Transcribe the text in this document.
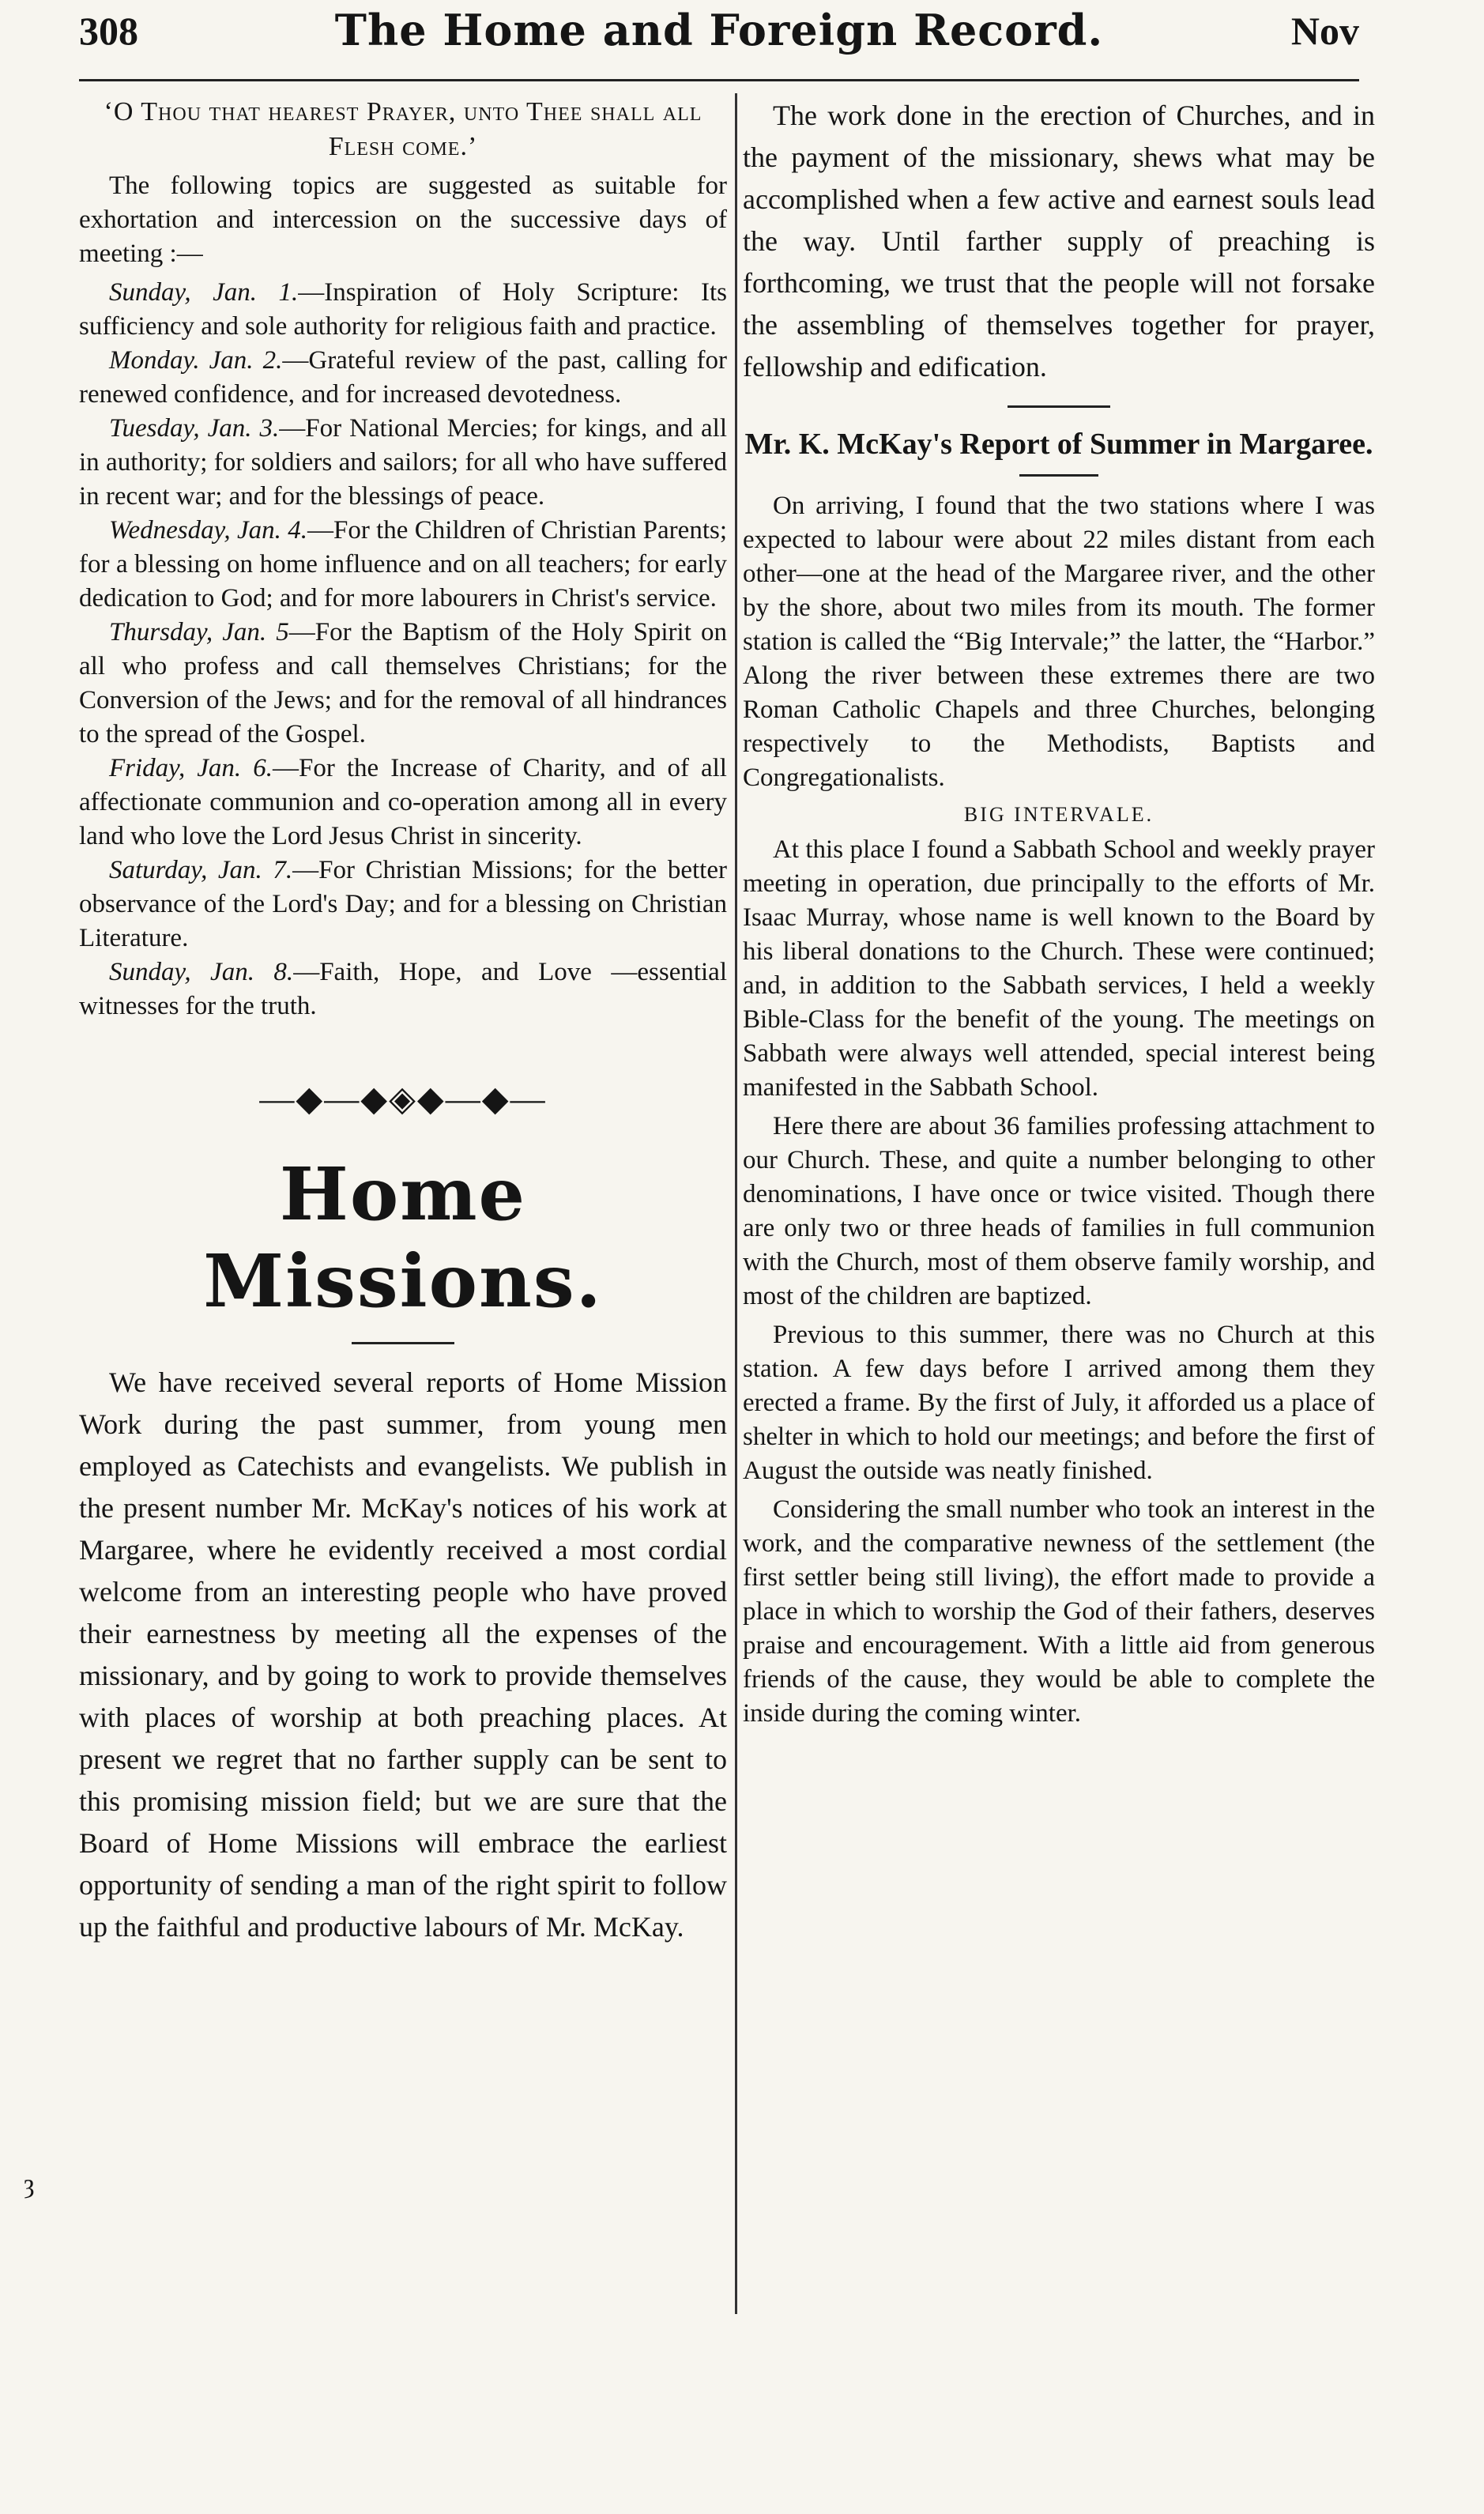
308	The Home and Foreign Record.	Nov

‘O Thou that hearest Prayer, unto Thee shall all Flesh come.’

The following topics are suggested as suitable for exhortation and intercession on the successive days of meeting :—

Sunday, Jan. 1.—Inspiration of Holy Scripture: Its sufficiency and sole authority for religious faith and practice.

Monday. Jan. 2.—Grateful review of the past, calling for renewed confidence, and for increased devotedness.

Tuesday, Jan. 3.—For National Mercies; for kings, and all in authority; for soldiers and sailors; for all who have suffered in recent war; and for the blessings of peace.

Wednesday, Jan. 4.—For the Children of Christian Parents; for a blessing on home influence and on all teachers; for early dedication to God; and for more labourers in Christ's service.

Thursday, Jan. 5—For the Baptism of the Holy Spirit on all who profess and call themselves Christians; for the Conversion of the Jews; and for the removal of all hindrances to the spread of the Gospel.

Friday, Jan. 6.—For the Increase of Charity, and of all affectionate communion and co-operation among all in every land who love the Lord Jesus Christ in sincerity.

Saturday, Jan. 7.—For Christian Missions; for the better observance of the Lord's Day; and for a blessing on Christian Literature.

Sunday, Jan. 8.—Faith, Hope, and Love —essential witnesses for the truth.

—◆—◆◈◆—◆—
Home Missions.

We have received several reports of Home Mission Work during the past summer, from young men employed as Catechists and evangelists. We publish in the present number Mr. McKay's notices of his work at Margaree, where he evidently received a most cordial welcome from an interesting people who have proved their earnestness by meeting all the expenses of the missionary, and by going to work to provide themselves with places of worship at both preaching places. At present we regret that no farther supply can be sent to this promising mission field; but we are sure that the Board of Home Missions will embrace the earliest opportunity of sending a man of the right spirit to follow up the faithful and productive labours of Mr. McKay.

ȝ

The work done in the erection of Churches, and in the payment of the missionary, shews what may be accomplished when a few active and earnest souls lead the way. Until farther supply of preaching is forthcoming, we trust that the people will not forsake the assembling of themselves together for prayer, fellowship and edification.

Mr. K. McKay's Report of Summer in Margaree.

On arriving, I found that the two stations where I was expected to labour were about 22 miles distant from each other—one at the head of the Margaree river, and the other by the shore, about two miles from its mouth. The former station is called the “Big Intervale;” the latter, the “Harbor.” Along the river between these extremes there are two Roman Catholic Chapels and three Churches, belonging respectively to the Methodists, Baptists and Congregationalists.

BIG INTERVALE.

At this place I found a Sabbath School and weekly prayer meeting in operation, due principally to the efforts of Mr. Isaac Murray, whose name is well known to the Board by his liberal donations to the Church. These were continued; and, in addition to the Sabbath services, I held a weekly Bible-Class for the benefit of the young. The meetings on Sabbath were always well attended, special interest being manifested in the Sabbath School.

Here there are about 36 families professing attachment to our Church. These, and quite a number belonging to other denominations, I have once or twice visited. Though there are only two or three heads of families in full communion with the Church, most of them observe family worship, and most of the children are baptized.

Previous to this summer, there was no Church at this station. A few days before I arrived among them they erected a frame. By the first of July, it afforded us a place of shelter in which to hold our meetings; and before the first of August the outside was neatly finished.

Considering the small number who took an interest in the work, and the comparative newness of the settlement (the first settler being still living), the effort made to provide a place in which to worship the God of their fathers, deserves praise and encouragement. With a little aid from generous friends of the cause, they would be able to complete the inside during the coming winter.
